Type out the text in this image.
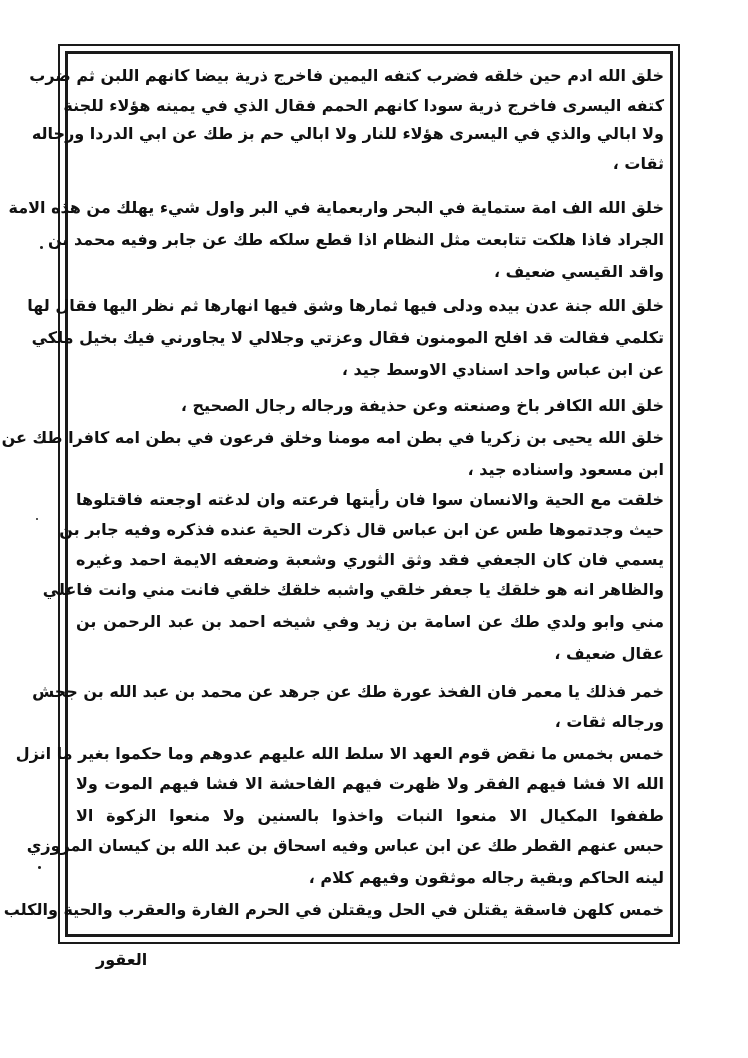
خلق الله ادم حين خلقه فضرب كتفه اليمين فاخرج ذرية بيضا كانهم اللبن ثم ضرب
كتفه اليسرى فاخرج ذرية سودا كانهم الحمم فقال الذي في يمينه هؤلاء للجنة
ولا ابالي والذي في اليسرى هؤلاء للنار ولا ابالي حم بز طك عن ابي الدردا ورجاله
ثقات ،
خلق الله الف امة ستماية في البحر واربعماية في البر واول شيء يهلك من هذه الامة
الجراد فاذا هلكت تتابعت مثل النظام اذا قطع سلكه طك عن جابر وفيه محمد بن
واقد القيسي ضعيف ،
خلق الله جنة عدن بيده ودلى فيها ثمارها وشق فيها انهارها ثم نظر اليها فقال لها
تكلمي فقالت قد افلح المومنون فقال وعزتي وجلالي لا يجاورني فيك بخيل ملكي
عن ابن عباس واحد اسنادي الاوسط جيد ،
خلق الله الكافر باخ وصنعته وعن حذيفة ورجاله رجال الصحيح ،
خلق الله يحيى بن زكريا في بطن امه مومنا وخلق فرعون في بطن امه كافرا طك عن
ابن مسعود واسناده جيد ،
خلقت مع الحية والانسان سوا فان رأيتها فرعته وان لدغته اوجعته فاقتلوها
حيث وجدتموها طس عن ابن عباس قال ذكرت الحية عنده فذكره وفيه جابر بن
يسمي فان كان الجعفي فقد وثق الثوري وشعبة وضعفه الايمة احمد وغيره
والظاهر انه هو خلقك يا جعفر خلقي واشبه خلقك خلقي فانت مني وانت فاعلي
مني وابو ولدي طك عن اسامة بن زيد وفي شيخه احمد بن عبد الرحمن بن
عقال ضعيف ،
خمر فذلك يا معمر فان الفخذ عورة طك عن جرهد عن محمد بن عبد الله بن جحش
ورجاله ثقات ،
خمس بخمس ما نقض قوم العهد الا سلط الله عليهم عدوهم وما حكموا بغير ما انزل
الله الا فشا فيهم الفقر ولا ظهرت فيهم الفاحشة الا فشا فيهم الموت ولا
طففوا المكيال الا منعوا النبات واخذوا بالسنين ولا منعوا الزكوة الا
حبس عنهم القطر طك عن ابن عباس وفيه اسحاق بن عبد الله بن كيسان المروزي
لينه الحاكم وبقية رجاله موثقون وفيهم كلام ،
خمس كلهن فاسقة يقتلن في الحل ويقتلن في الحرم الفارة والعقرب والحية والكلب
العقور
